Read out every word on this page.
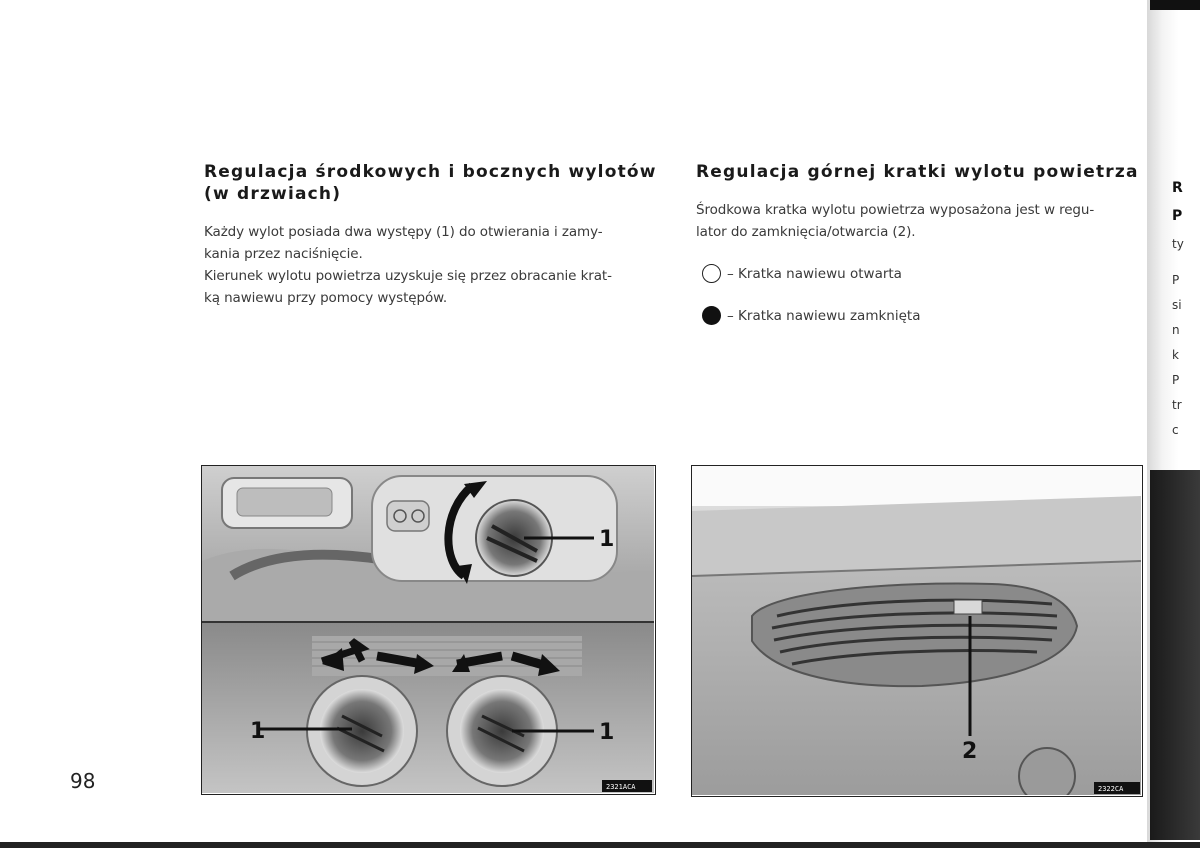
Regulacja środkowych i bocznych wylotów
(w drzwiach)
Każdy wylot posiada dwa występy (1) do otwierania i zamy-
kania przez naciśnięcie.
Kierunek wylotu powietrza uzyskuje się przez obracanie krat-
ką nawiewu przy pomocy występów.
Regulacja górnej kratki wylotu powietrza
Środkowa kratka wylotu powietrza wyposażona jest w regu-
lator do zamknięcia/otwarcia (2).
– Kratka nawiewu otwarta
– Kratka nawiewu zamknięta
1
1	1
2321ACA
2
2322CA
98
R
P
ty
P
si
n
k
P
tr
c
